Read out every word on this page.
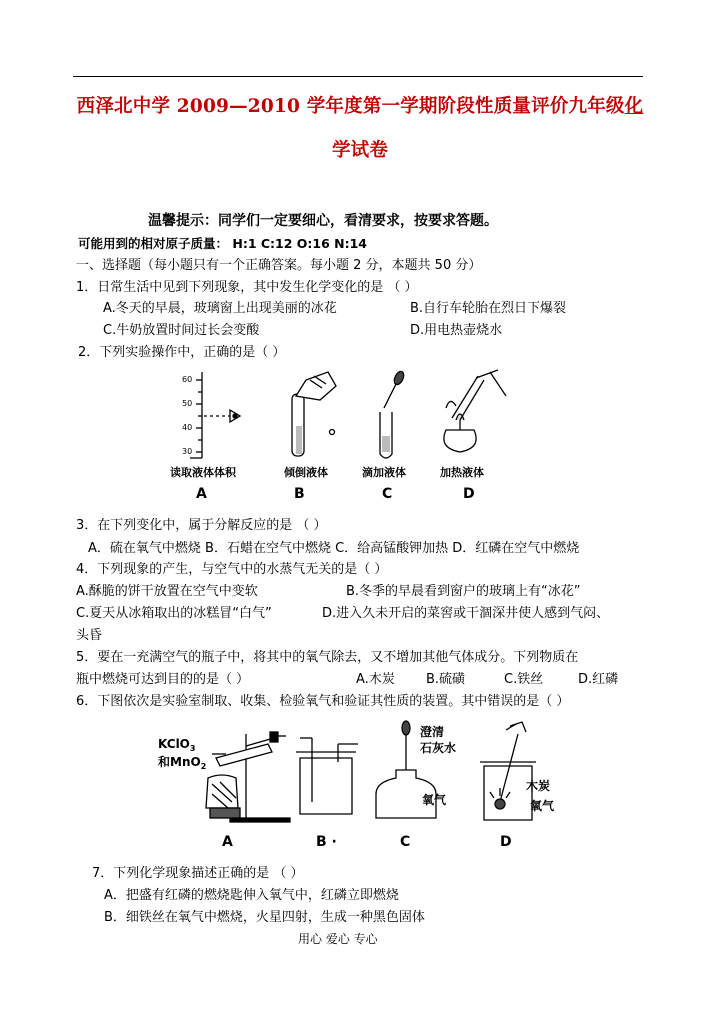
西泽北中学 2009—2010 学年度第一学期阶段性质量评价九年级化
学试卷
温馨提示：同学们一定要细心，看清要求，按要求答题。
可能用到的相对原子质量： H:1 C:12 O:16 N:14
一、选择题（每小题只有一个正确答案。每小题 2 分，本题共 50 分）
1．日常生活中见到下列现象，其中发生化学变化的是 （ ）
A.冬天的早晨，玻璃窗上出现美丽的冰花	B.自行车轮胎在烈日下爆裂
C.牛奶放置时间过长会变酸	D.用电热壶烧水
2．下列实验操作中，正确的是（ ）
60
50
40
30
读取液体体积	倾倒液体	滴加液体	加热液体
A	B	C	D
3．在下列变化中，属于分解反应的是 （ ）
A．硫在氧气中燃烧 B．石蜡在空气中燃烧 C．给高锰酸钾加热 D．红磷在空气中燃烧
4．下列现象的产生，与空气中的水蒸气无关的是（ ）
A.酥脆的饼干放置在空气中变软	B.冬季的早晨看到窗户的玻璃上有“冰花”
C.夏天从冰箱取出的冰糕冒“白气”	D.进入久未开启的菜窖或干涸深井使人感到气闷、
头昏
5．要在一充满空气的瓶子中，将其中的氧气除去，又不增加其他气体成分。下列物质在
瓶中燃烧可达到目的的是（ ）	A.木炭 B.硫磺	C.铁丝	D.红磷
6．下图依次是实验室制取、收集、检验氧气和验证其性质的装置。其中错误的是（ ）
KClO$_3$
和MnO$_2$
A	B ·
澄清
石灰水
氧气
C
木炭
氧气
D
7．下列化学现象描述正确的是 （ ）
A．把盛有红磷的燃烧匙伸入氧气中，红磷立即燃烧
B．细铁丝在氧气中燃烧，火星四射，生成一种黑色固体
用心 爱心 专心
